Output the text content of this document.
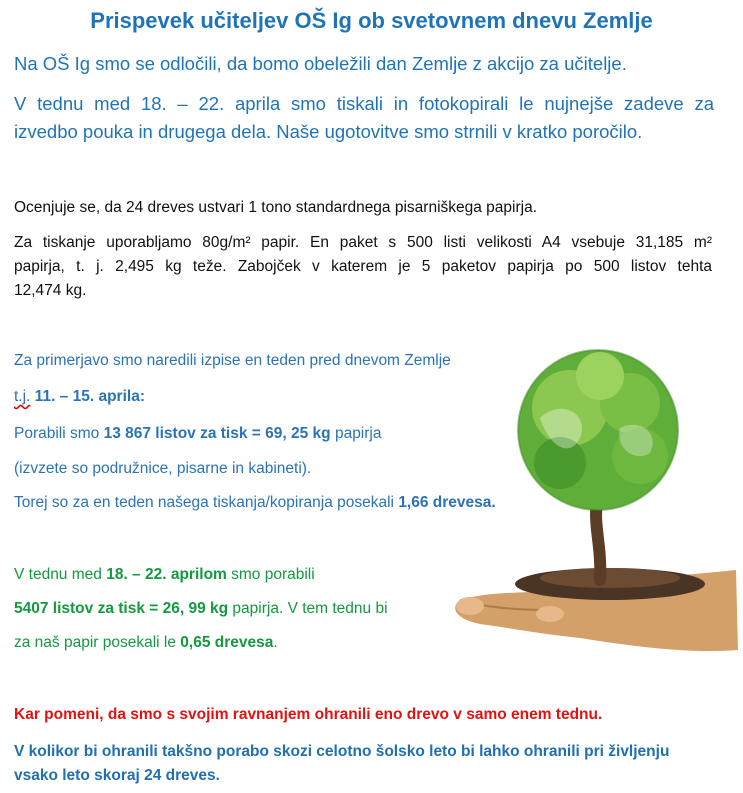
Prispevek učiteljev OŠ Ig ob svetovnem dnevu Zemlje
Na OŠ Ig smo se odločili, da bomo obeležili dan Zemlje z akcijo za učitelje.
V tednu med 18. – 22. aprila smo tiskali in fotokopirali le nujnejše zadeve za
izvedbo pouka in drugega dela. Naše ugotovitve smo strnili v kratko poročilo.
Ocenjuje se, da 24 dreves ustvari 1 tono standardnega pisarniškega papirja.
Za tiskanje uporabljamo 80g/m² papir. En paket s 500 listi velikosti A4 vsebuje 31,185 m²
papirja, t. j. 2,495 kg teže. Zabojček v katerem je 5 paketov papirja po 500 listov tehta
12,474 kg.
Za primerjavo smo naredili izpise en teden pred dnevom Zemlje
t.j. 11. – 15. aprila:
Porabili smo 13 867 listov za tisk = 69, 25 kg papirja
(izvzete so podružnice, pisarne in kabineti).
Torej so za en teden našega tiskanja/kopiranja posekali 1,66 drevesa.
V tednu med 18. – 22. aprilom smo porabili
5407 listov za tisk = 26, 99 kg papirja. V tem tednu bi
za naš papir posekali le 0,65 drevesa.
Kar pomeni, da smo s svojim ravnanjem ohranili eno drevo v samo enem tednu.
V kolikor bi ohranili takšno porabo skozi celotno šolsko leto bi lahko ohranili pri življenju
vsako leto skoraj 24 dreves.
